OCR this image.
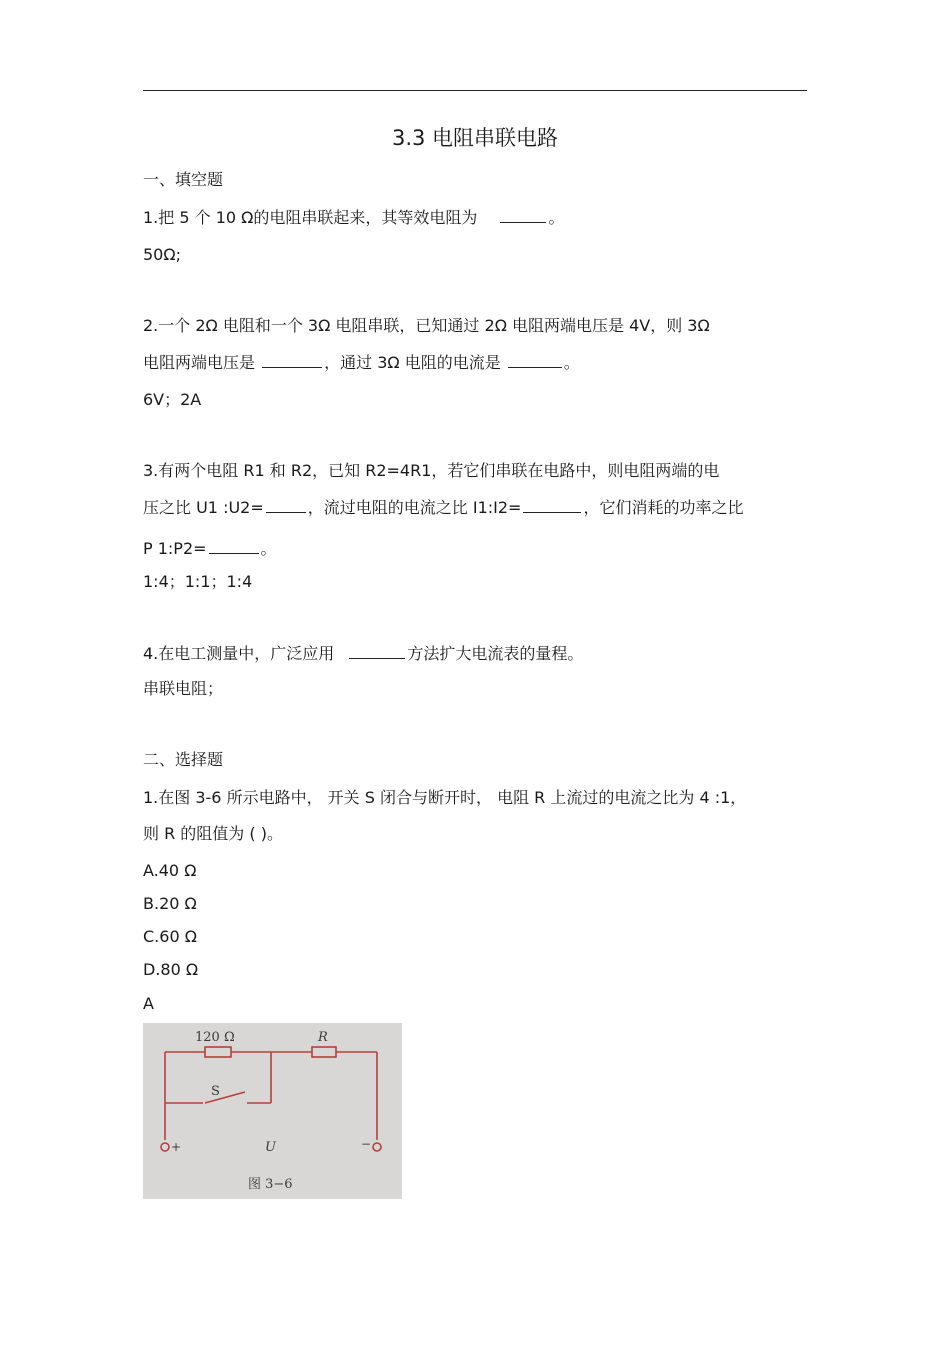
3.3 电阻串联电路
一、填空题
1.把 5 个 10 Ω的电阻串联起来，其等效电阻为	。
50Ω;
2.一个 2Ω 电阻和一个 3Ω 电阻串联，已知通过 2Ω 电阻两端电压是 4V，则 3Ω
电阻两端电压是	，通过 3Ω 电阻的电流是	。
6V；2A
3.有两个电阻 R1 和 R2，已知 R2=4R1，若它们串联在电路中，则电阻两端的电
压之比 U1 :U2=	，流过电阻的电流之比 I1:I2=	，它们消耗的功率之比
P 1:P2=	。
1:4；1:1；1:4
4.在电工测量中，广泛应用	方法扩大电流表的量程。
串联电阻；
二、选择题
1.在图 3-6 所示电路中， 开关 S 闭合与断开时， 电阻 R 上流过的电流之比为 4 :1，
则 R 的阻值为 ( )。
A.40 Ω
B.20 Ω
C.60 Ω
D.80 Ω
A
120 Ω	R
S
U
+	−
图 3−6
